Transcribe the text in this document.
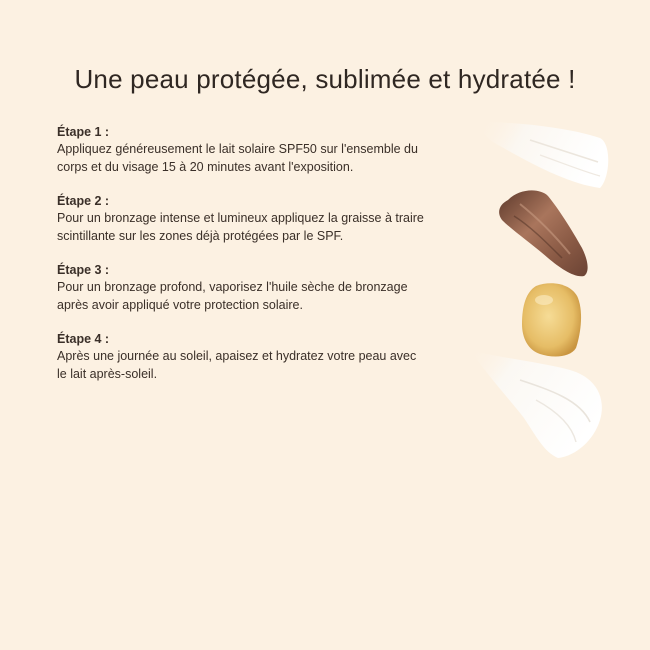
Une peau protégée, sublimée et hydratée !
Étape 1 :
Appliquez généreusement le lait solaire SPF50 sur l'ensemble du corps et du visage 15 à 20 minutes avant l'exposition.
Étape 2 :
Pour un bronzage intense et lumineux appliquez la graisse à traire scintillante sur les zones déjà protégées par le SPF.
Étape 3 :
Pour un bronzage profond, vaporisez l'huile sèche de bronzage après avoir appliqué votre protection solaire.
Étape 4 :
Après une journée au soleil, apaisez et hydratez votre peau avec le lait après-soleil.
